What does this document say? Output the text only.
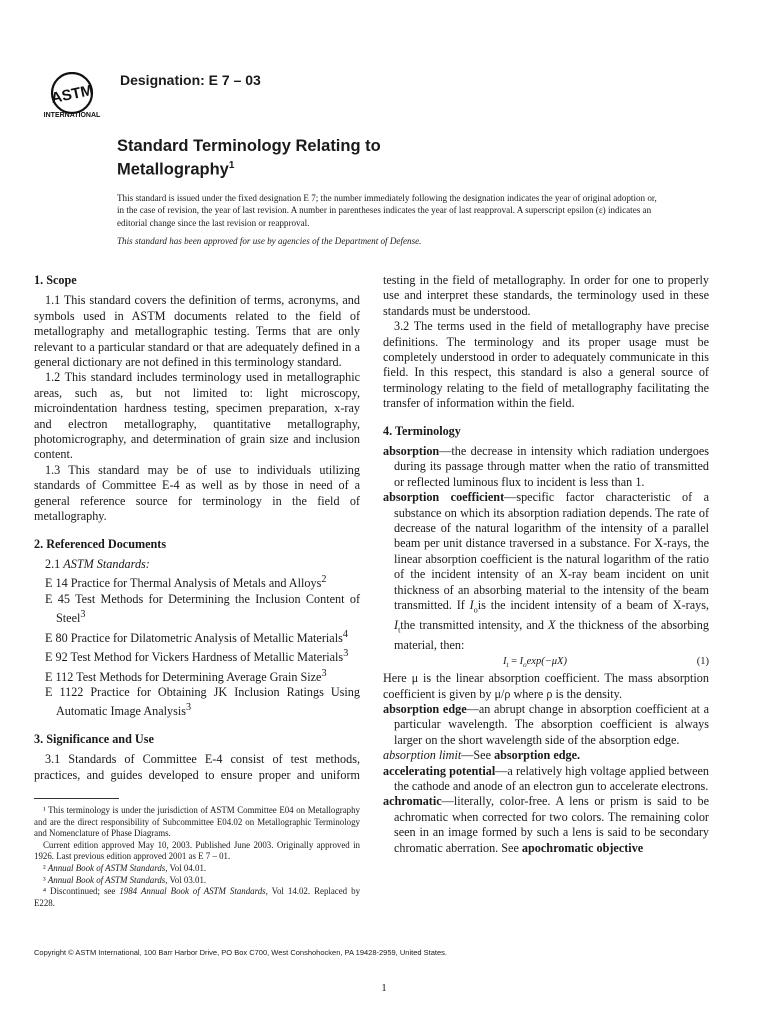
ASTM
INTERNATIONAL
Designation: E 7 – 03
Standard Terminology Relating to
Metallography$^1$

This standard is issued under the fixed designation E 7; the number immediately following the designation indicates the year of original adoption or, in the case of revision, the year of last revision. A number in parentheses indicates the year of last reapproval. A superscript epsilon (ε) indicates an editorial change since the last revision or reapproval.

This standard has been approved for use by agencies of the Department of Defense.

1. Scope

1.1 This standard covers the definition of terms, acronyms, and symbols used in ASTM documents related to the field of metallography and metallographic testing. Terms that are only relevant to a particular standard or that are adequately defined in a general dictionary are not defined in this terminology standard.

1.2 This standard includes terminology used in metallographic areas, such as, but not limited to: light microscopy, microindentation hardness testing, specimen preparation, x-ray and electron metallography, quantitative metallography, photomicrography, and determination of grain size and inclusion content.

1.3 This standard may be of use to individuals utilizing standards of Committee E-4 as well as by those in need of a general reference source for terminology in the field of metallography.

2. Referenced Documents

2.1 ASTM Standards:

E 14 Practice for Thermal Analysis of Metals and Alloys$^2$

E 45 Test Methods for Determining the Inclusion Content of Steel$^3$

E 80 Practice for Dilatometric Analysis of Metallic Materials$^4$

E 92 Test Method for Vickers Hardness of Metallic Materials$^3$

E 112 Test Methods for Determining Average Grain Size$^3$

E 1122 Practice for Obtaining JK Inclusion Ratings Using Automatic Image Analysis$^3$

3. Significance and Use

3.1 Standards of Committee E-4 consist of test methods, practices, and guides developed to ensure proper and uniform

¹ This terminology is under the jurisdiction of ASTM Committee E04 on Metallography and are the direct responsibility of Subcommittee E04.02 on Metallographic Terminology and Nomenclature of Phase Diagrams.

Current edition approved May 10, 2003. Published June 2003. Originally approved in 1926. Last previous edition approved 2001 as E 7 – 01.

² Annual Book of ASTM Standards, Vol 04.01.

³ Annual Book of ASTM Standards, Vol 03.01.

⁴ Discontinued; see 1984 Annual Book of ASTM Standards, Vol 14.02. Replaced by E228.

testing in the field of metallography. In order for one to properly use and interpret these standards, the terminology used in these standards must be understood.

3.2 The terms used in the field of metallography have precise definitions. The terminology and its proper usage must be completely understood in order to adequately communicate in this field. In this respect, this standard is also a general source of terminology relating to the field of metallography facilitating the transfer of information within the field.

4. Terminology

absorption—the decrease in intensity which radiation undergoes during its passage through matter when the ratio of transmitted or reflected luminous flux to incident is less than 1.

absorption coefficient—specific factor characteristic of a substance on which its absorption radiation depends. The rate of decrease of the natural logarithm of the intensity of a parallel beam per unit distance traversed in a substance. For X-rays, the linear absorption coefficient is the natural logarithm of the ratio of the incident intensity of an X-ray beam incident on unit thickness of an absorbing material to the intensity of the beam transmitted. If $I_ois$ the incident intensity of a beam of X-rays, $I_tthe$ transmitted intensity, and X the thickness of the absorbing material, then:

$I_t = I_o\exp(-\mu X)$	(1)

Here μ is the linear absorption coefficient. The mass absorption coefficient is given by μ/ρ where ρ is the density.

absorption edge—an abrupt change in absorption coefficient at a particular wavelength. The absorption coefficient is always larger on the short wavelength side of the absorption edge.

absorption limit—See absorption edge.

accelerating potential—a relatively high voltage applied between the cathode and anode of an electron gun to accelerate electrons.

achromatic—literally, color-free. A lens or prism is said to be achromatic when corrected for two colors. The remaining color seen in an image formed by such a lens is said to be secondary chromatic aberration. See apochromatic objective

Copyright © ASTM International, 100 Barr Harbor Drive, PO Box C700, West Conshohocken, PA 19428-2959, United States.
1
